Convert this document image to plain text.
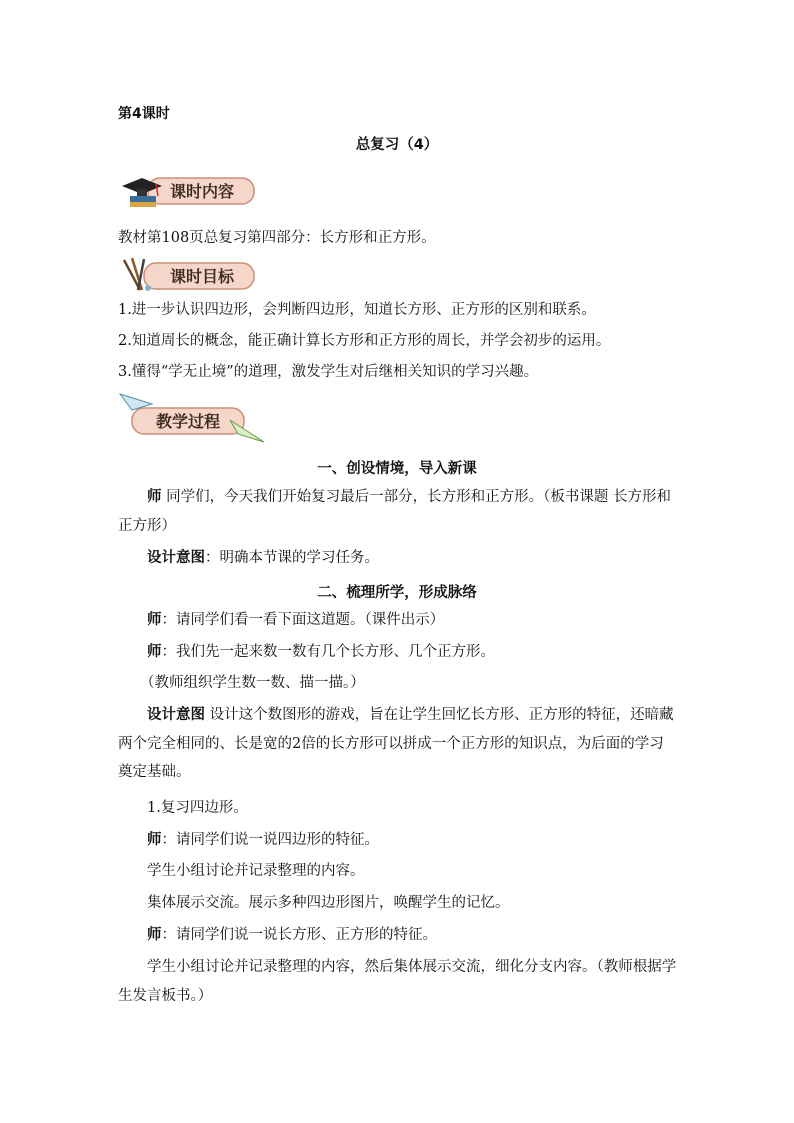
第4课时
总复习（4）
课时内容
教材第108页总复习第四部分：长方形和正方形。
课时目标
1.进一步认识四边形，会判断四边形，知道长方形、正方形的区别和联系。
2.知道周长的概念，能正确计算长方形和正方形的周长，并学会初步的运用。
3.懂得“学无止境”的道理，激发学生对后继相关知识的学习兴趣。
教学过程
一、创设情境，导入新课
师 同学们，今天我们开始复习最后一部分，长方形和正方形。（板书课题 长方形和正方形）
设计意图：明确本节课的学习任务。
二、梳理所学，形成脉络
师：请同学们看一看下面这道题。（课件出示）
师：我们先一起来数一数有几个长方形、几个正方形。
（教师组织学生数一数、描一描。）
设计意图 设计这个数图形的游戏，旨在让学生回忆长方形、正方形的特征，还暗藏两个完全相同的、长是宽的2倍的长方形可以拼成一个正方形的知识点，为后面的学习奠定基础。
1.复习四边形。
师：请同学们说一说四边形的特征。
学生小组讨论并记录整理的内容。
集体展示交流。展示多种四边形图片，唤醒学生的记忆。
师：请同学们说一说长方形、正方形的特征。
学生小组讨论并记录整理的内容，然后集体展示交流，细化分支内容。（教师根据学生发言板书。）
